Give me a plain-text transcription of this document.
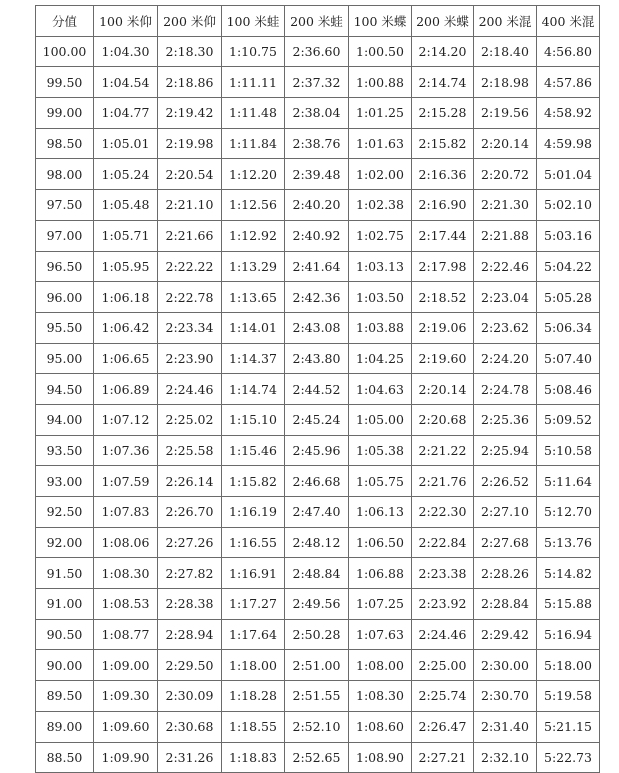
分值	100 米仰	200 米仰	100 米蛙	200 米蛙	100 米蝶	200 米蝶	200 米混	400 米混
100.00	1:04.30	2:18.30	1:10.75	2:36.60	1:00.50	2:14.20	2:18.40	4:56.80
99.50	1:04.54	2:18.86	1:11.11	2:37.32	1:00.88	2:14.74	2:18.98	4:57.86
99.00	1:04.77	2:19.42	1:11.48	2:38.04	1:01.25	2:15.28	2:19.56	4:58.92
98.50	1:05.01	2:19.98	1:11.84	2:38.76	1:01.63	2:15.82	2:20.14	4:59.98
98.00	1:05.24	2:20.54	1:12.20	2:39.48	1:02.00	2:16.36	2:20.72	5:01.04
97.50	1:05.48	2:21.10	1:12.56	2:40.20	1:02.38	2:16.90	2:21.30	5:02.10
97.00	1:05.71	2:21.66	1:12.92	2:40.92	1:02.75	2:17.44	2:21.88	5:03.16
96.50	1:05.95	2:22.22	1:13.29	2:41.64	1:03.13	2:17.98	2:22.46	5:04.22
96.00	1:06.18	2:22.78	1:13.65	2:42.36	1:03.50	2:18.52	2:23.04	5:05.28
95.50	1:06.42	2:23.34	1:14.01	2:43.08	1:03.88	2:19.06	2:23.62	5:06.34
95.00	1:06.65	2:23.90	1:14.37	2:43.80	1:04.25	2:19.60	2:24.20	5:07.40
94.50	1:06.89	2:24.46	1:14.74	2:44.52	1:04.63	2:20.14	2:24.78	5:08.46
94.00	1:07.12	2:25.02	1:15.10	2:45.24	1:05.00	2:20.68	2:25.36	5:09.52
93.50	1:07.36	2:25.58	1:15.46	2:45.96	1:05.38	2:21.22	2:25.94	5:10.58
93.00	1:07.59	2:26.14	1:15.82	2:46.68	1:05.75	2:21.76	2:26.52	5:11.64
92.50	1:07.83	2:26.70	1:16.19	2:47.40	1:06.13	2:22.30	2:27.10	5:12.70
92.00	1:08.06	2:27.26	1:16.55	2:48.12	1:06.50	2:22.84	2:27.68	5:13.76
91.50	1:08.30	2:27.82	1:16.91	2:48.84	1:06.88	2:23.38	2:28.26	5:14.82
91.00	1:08.53	2:28.38	1:17.27	2:49.56	1:07.25	2:23.92	2:28.84	5:15.88
90.50	1:08.77	2:28.94	1:17.64	2:50.28	1:07.63	2:24.46	2:29.42	5:16.94
90.00	1:09.00	2:29.50	1:18.00	2:51.00	1:08.00	2:25.00	2:30.00	5:18.00
89.50	1:09.30	2:30.09	1:18.28	2:51.55	1:08.30	2:25.74	2:30.70	5:19.58
89.00	1:09.60	2:30.68	1:18.55	2:52.10	1:08.60	2:26.47	2:31.40	5:21.15
88.50	1:09.90	2:31.26	1:18.83	2:52.65	1:08.90	2:27.21	2:32.10	5:22.73
